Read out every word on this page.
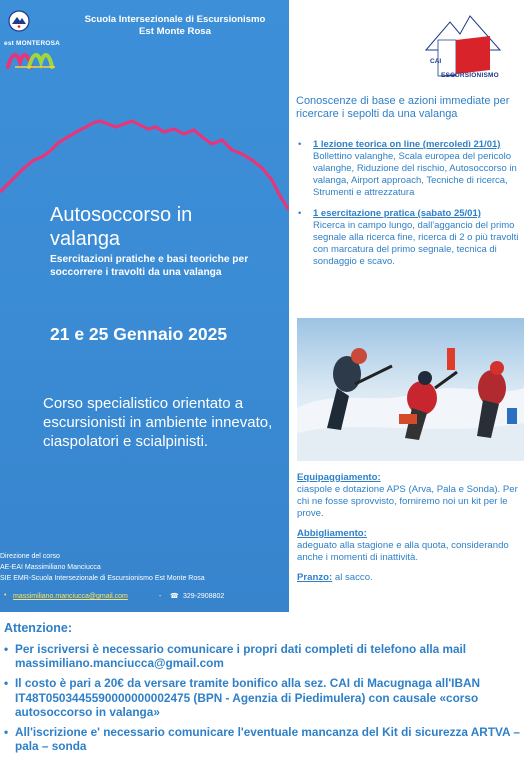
Scuola Intersezionale di Escursionismo
Est Monte Rosa
est MONTEROSA
Autosoccorso in
valanga
Esercitazioni pratiche e basi teoriche per soccorrere i travolti da una valanga
21 e 25 Gennaio 2025
Corso specialistico orientato a escursionisti in ambiente innevato, ciaspolatori e scialpinisti.
Direzione del corso
AE-EAI Massimiliano Manciucca
SIE EMR-Scuola Intersezionale di Escursionismo Est Monte Rosa
• massimiliano.manciucca@gmail.com	- ☎ 329-2908802
CAI
ESCURSIONISMO
Conoscenze di base e azioni immediate per ricercare i sepolti da una valanga
• 1 lezione teorica on line (mercoledì 21/01)
Bollettino valanghe, Scala europea del pericolo valanghe, Riduzione del rischio, Autosoccorso in valanga, Airport approach, Tecniche di ricerca, Strumenti e attrezzatura
• 1 esercitazione pratica (sabato 25/01)
Ricerca in campo lungo, dall'aggancio del primo segnale alla ricerca fine, ricerca di 2 o più travolti con marcatura del primo segnale, tecnica di sondaggio e scavo.
Equipaggiamento:
ciaspole e dotazione APS (Arva, Pala e Sonda). Per chi ne fosse sprovvisto, forniremo noi un kit per le prove.
Abbigliamento:
adeguato alla stagione e alla quota, considerando anche i momenti di inattività.
Pranzo: al sacco.
Attenzione:
• Per iscriversi è necessario comunicare i propri dati completi di telefono alla mail massimiliano.manciucca@gmail.com
• Il costo è pari a 20€ da versare tramite bonifico alla sez. CAI di Macugnaga all'IBAN IT48T0503445590000000002475 (BPN - Agenzia di Piedimulera) con causale «corso autosoccorso in valanga»
• All'iscrizione e' necessario comunicare l'eventuale mancanza del Kit di sicurezza ARTVA – pala – sonda
